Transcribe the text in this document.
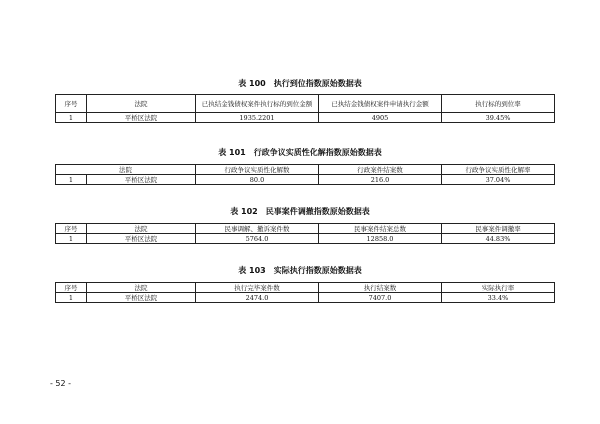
表 100　执行到位指数原始数据表
序号	法院	已执结金钱债权案件执行标的到位金额	已执结金钱债权案件申请执行金额	执行标的到位率
1	平桥区法院	1935.2201	4905	39.45%
表 101　行政争议实质性化解指数原始数据表
法院		行政争议实质性化解数	行政案件结案数	行政争议实质性化解率
1	平桥区法院	80.0	216.0	37.04%
表 102　民事案件调撤指数原始数据表
序号	法院	民事调解、撤诉案件数	民事案件结案总数	民事案件调撤率
1	平桥区法院	5764.0	12858.0	44.83%
表 103　实际执行指数原始数据表
序号	法院	执行完毕案件数	执行结案数	实际执行率
1	平桥区法院	2474.0	7407.0	33.4%
- 52 -
